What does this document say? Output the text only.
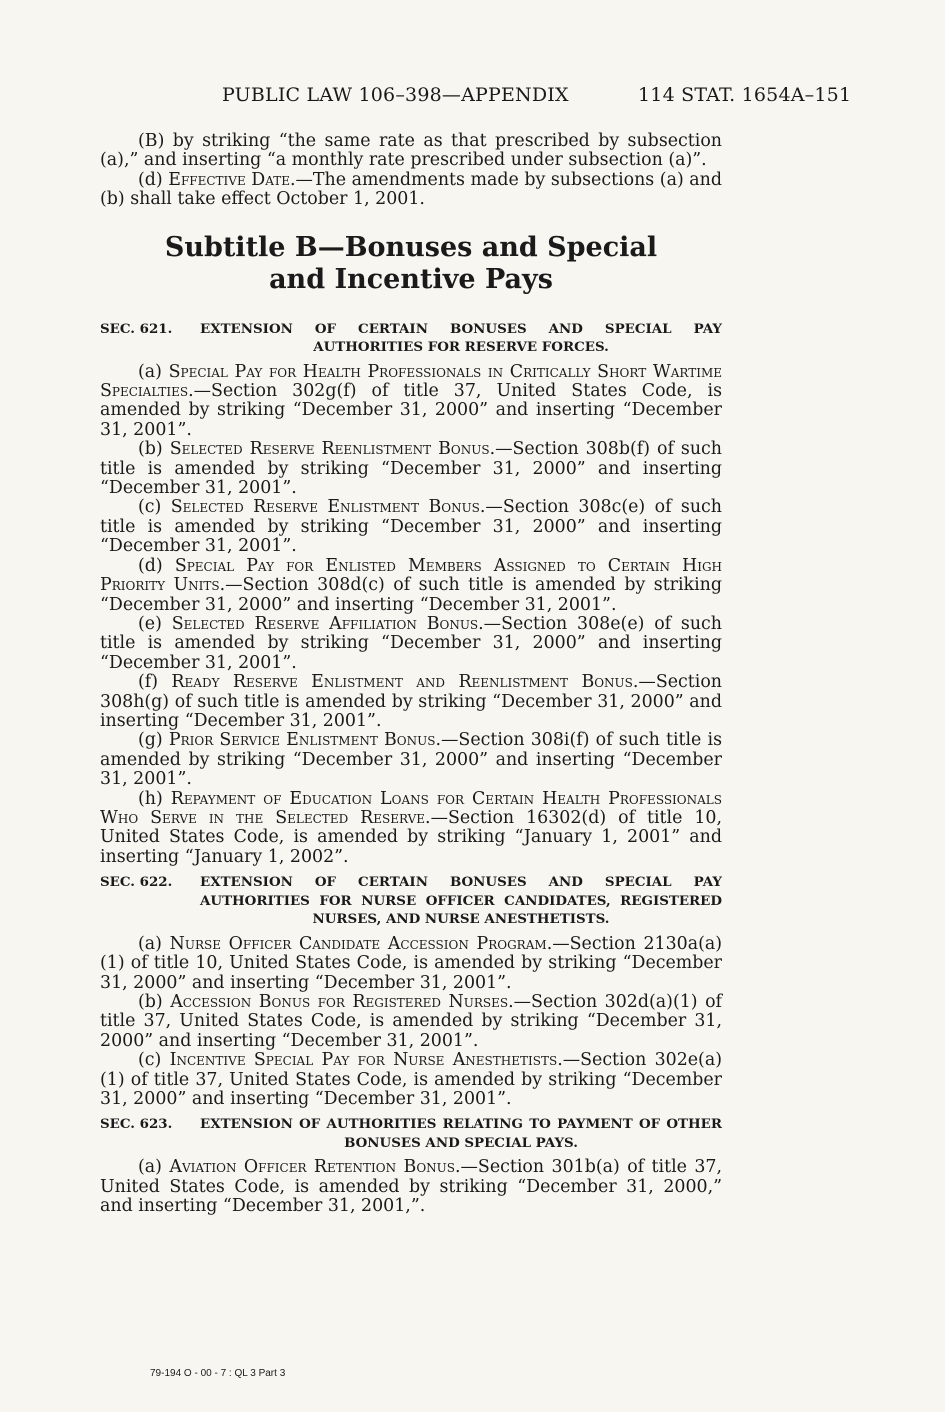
PUBLIC LAW 106–398—APPENDIX	114 STAT. 1654A–151

(B) by striking “the same rate as that prescribed by subsection (a),” and inserting “a monthly rate prescribed under subsection (a)”.

(d) Effective Date.—The amendments made by subsections (a) and (b) shall take effect October 1, 2001.

Subtitle B—Bonuses and Special and Incentive Pays
SEC. 621. EXTENSION OF CERTAIN BONUSES AND SPECIAL PAY AUTHORITIES FOR RESERVE FORCES.

(a) Special Pay for Health Professionals in Critically Short Wartime Specialties.—Section 302g(f) of title 37, United States Code, is amended by striking “December 31, 2000” and inserting “December 31, 2001”.

(b) Selected Reserve Reenlistment Bonus.—Section 308b(f) of such title is amended by striking “December 31, 2000” and inserting “December 31, 2001”.

(c) Selected Reserve Enlistment Bonus.—Section 308c(e) of such title is amended by striking “December 31, 2000” and inserting “December 31, 2001”.

(d) Special Pay for Enlisted Members Assigned to Certain High Priority Units.—Section 308d(c) of such title is amended by striking “December 31, 2000” and inserting “December 31, 2001”.

(e) Selected Reserve Affiliation Bonus.—Section 308e(e) of such title is amended by striking “December 31, 2000” and inserting “December 31, 2001”.

(f) Ready Reserve Enlistment and Reenlistment Bonus.—Section 308h(g) of such title is amended by striking “December 31, 2000” and inserting “December 31, 2001”.

(g) Prior Service Enlistment Bonus.—Section 308i(f) of such title is amended by striking “December 31, 2000” and inserting “December 31, 2001”.

(h) Repayment of Education Loans for Certain Health Professionals Who Serve in the Selected Reserve.—Section 16302(d) of title 10, United States Code, is amended by striking “January 1, 2001” and inserting “January 1, 2002”.

SEC. 622. EXTENSION OF CERTAIN BONUSES AND SPECIAL PAY AUTHORITIES FOR NURSE OFFICER CANDIDATES, REGISTERED NURSES, AND NURSE ANESTHETISTS.

(a) Nurse Officer Candidate Accession Program.—Section 2130a(a)(1) of title 10, United States Code, is amended by striking “December 31, 2000” and inserting “December 31, 2001”.

(b) Accession Bonus for Registered Nurses.—Section 302d(a)(1) of title 37, United States Code, is amended by striking “December 31, 2000” and inserting “December 31, 2001”.

(c) Incentive Special Pay for Nurse Anesthetists.—Section 302e(a)(1) of title 37, United States Code, is amended by striking “December 31, 2000” and inserting “December 31, 2001”.

SEC. 623. EXTENSION OF AUTHORITIES RELATING TO PAYMENT OF OTHER BONUSES AND SPECIAL PAYS.

(a) Aviation Officer Retention Bonus.—Section 301b(a) of title 37, United States Code, is amended by striking “December 31, 2000,” and inserting “December 31, 2001,”.

79-194 O - 00 - 7 : QL 3 Part 3
